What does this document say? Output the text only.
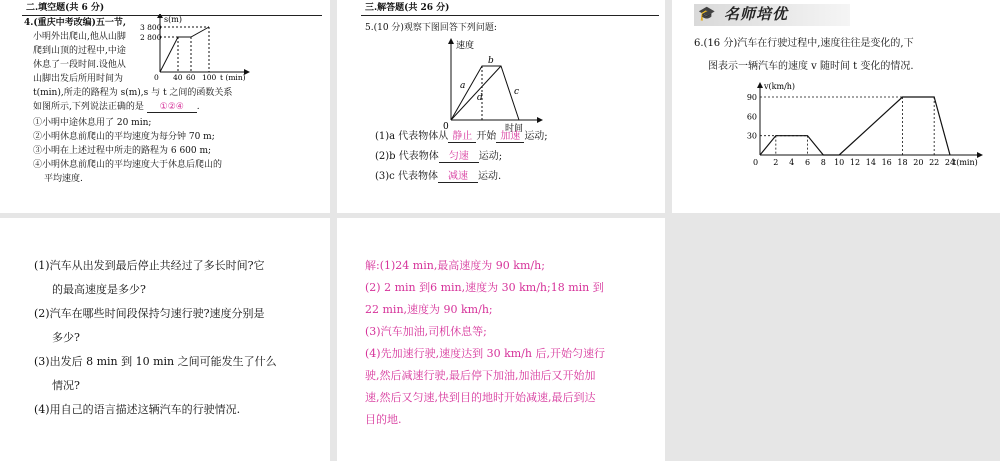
二.填空题(共 6 分)
4.(重庆中考改编)五一节,
小明外出爬山,他从山脚
爬到山顶的过程中,中途
休息了一段时间.设他从
山脚出发后所用时间为
t(min),所走的路程为 s(m),s 与 t 之间的函数关系
如图所示,下列说法正确的是 ①②④ .
①小明中途休息用了 20 min;
②小明休息前爬山的平均速度为每分钟 70 m;
③小明在上述过程中所走的路程为 6 600 m;
④小明休息前爬山的平均速度大于休息后爬山的
平均速度.
s(m)
3 800
2 800
0 40 60 100 t (min)
三.解答题(共 26 分)
5.(10 分)观察下图回答下列问题:
速度
时间
0
a
b
c
d
(1)a 代表物体从 静止 开始 加速 运动;
(2)b 代表物体 匀速 运动;
(3)c 代表物体 减速 运动.
🎓 名师培优
6.(16 分)汽车在行驶过程中,速度往往是变化的,下
图表示一辆汽车的速度 v 随时间 t 变化的情况.
v(km/h)
0	t(min)
2 4 6 8 10 12 14 16 18 20 22 24
90
60
30
(1)汽车从出发到最后停止共经过了多长时间?它
的最高速度是多少?
(2)汽车在哪些时间段保持匀速行驶?速度分别是
多少?
(3)出发后 8 min 到 10 min 之间可能发生了什么
情况?
(4)用自己的语言描述这辆汽车的行驶情况.
解:(1)24 min,最高速度为 90 km/h;
(2) 2 min 到6 min,速度为 30 km/h;18 min 到
22 min,速度为 90 km/h;
(3)汽车加油,司机休息等;
(4)先加速行驶,速度达到 30 km/h 后,开始匀速行
驶,然后减速行驶,最后停下加油,加油后又开始加
速,然后又匀速,快到目的地时开始减速,最后到达
目的地.
